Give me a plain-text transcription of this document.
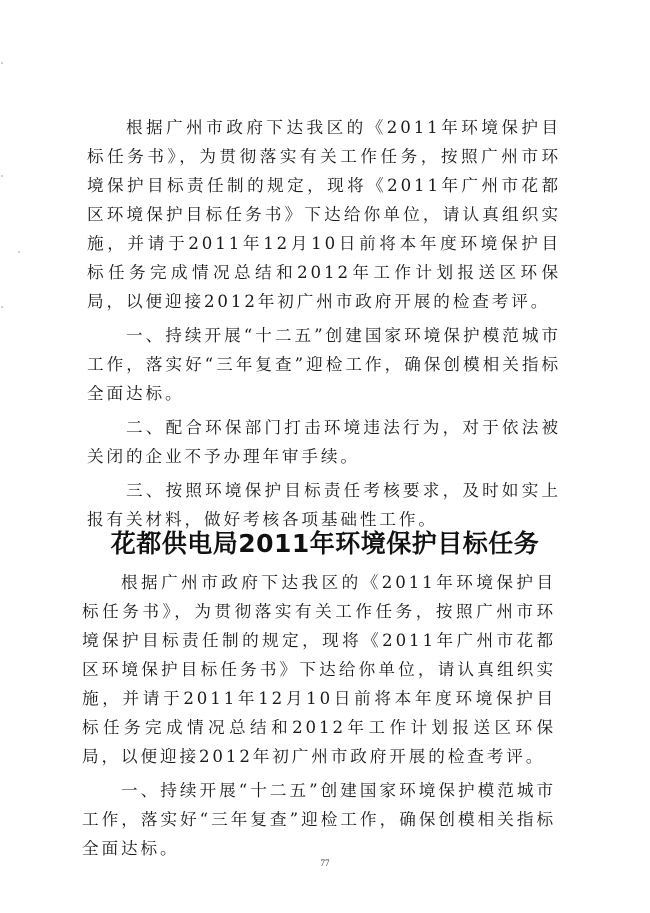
根据广州市政府下达我区的《2011年环境保护目标任务书》，为贯彻落实有关工作任务，按照广州市环境保护目标责任制的规定，现将《2011年广州市花都区环境保护目标任务书》下达给你单位，请认真组织实施，并请于2011年12月10日前将本年度环境保护目标任务完成情况总结和2012年工作计划报送区环保局，以便迎接2012年初广州市政府开展的检查考评。

一、持续开展“十二五”创建国家环境保护模范城市工作，落实好“三年复查”迎检工作，确保创模相关指标全面达标。

二、配合环保部门打击环境违法行为，对于依法被关闭的企业不予办理年审手续。

三、按照环境保护目标责任考核要求，及时如实上报有关材料，做好考核各项基础性工作。

花都供电局2011年环境保护目标任务

根据广州市政府下达我区的《2011年环境保护目标任务书》，为贯彻落实有关工作任务，按照广州市环境保护目标责任制的规定，现将《2011年广州市花都区环境保护目标任务书》下达给你单位，请认真组织实施，并请于2011年12月10日前将本年度环境保护目标任务完成情况总结和2012年工作计划报送区环保局，以便迎接2012年初广州市政府开展的检查考评。

一、持续开展“十二五”创建国家环境保护模范城市工作，落实好“三年复查”迎检工作，确保创模相关指标全面达标。

77
